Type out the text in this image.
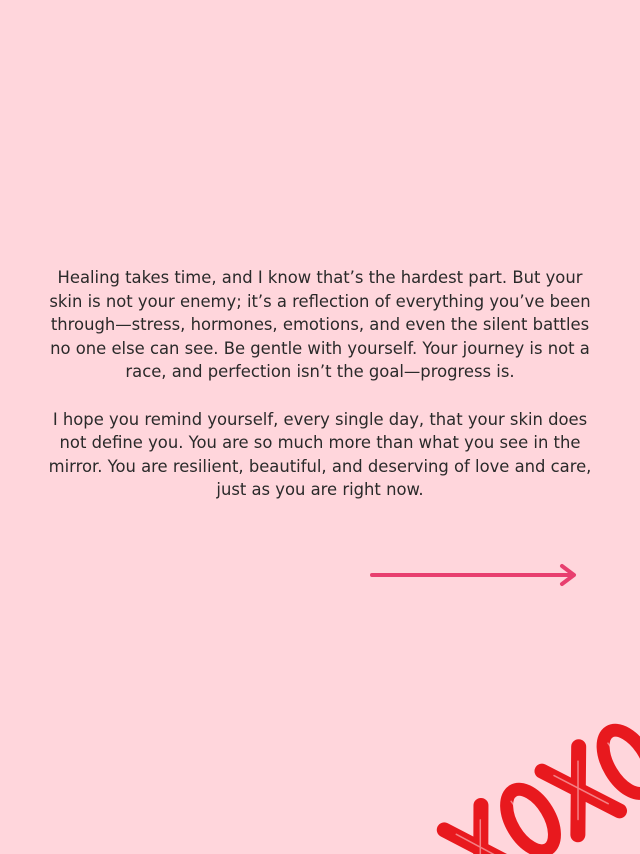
Healing takes time, and I know that’s the hardest part. But your skin is not your enemy; it’s a reflection of everything you’ve been through—stress, hormones, emotions, and even the silent battles no one else can see. Be gentle with yourself. Your journey is not a race, and perfection isn’t the goal—progress is.

I hope you remind yourself, every single day, that your skin does not define you. You are so much more than what you see in the mirror. You are resilient, beautiful, and deserving of love and care, just as you are right now.
